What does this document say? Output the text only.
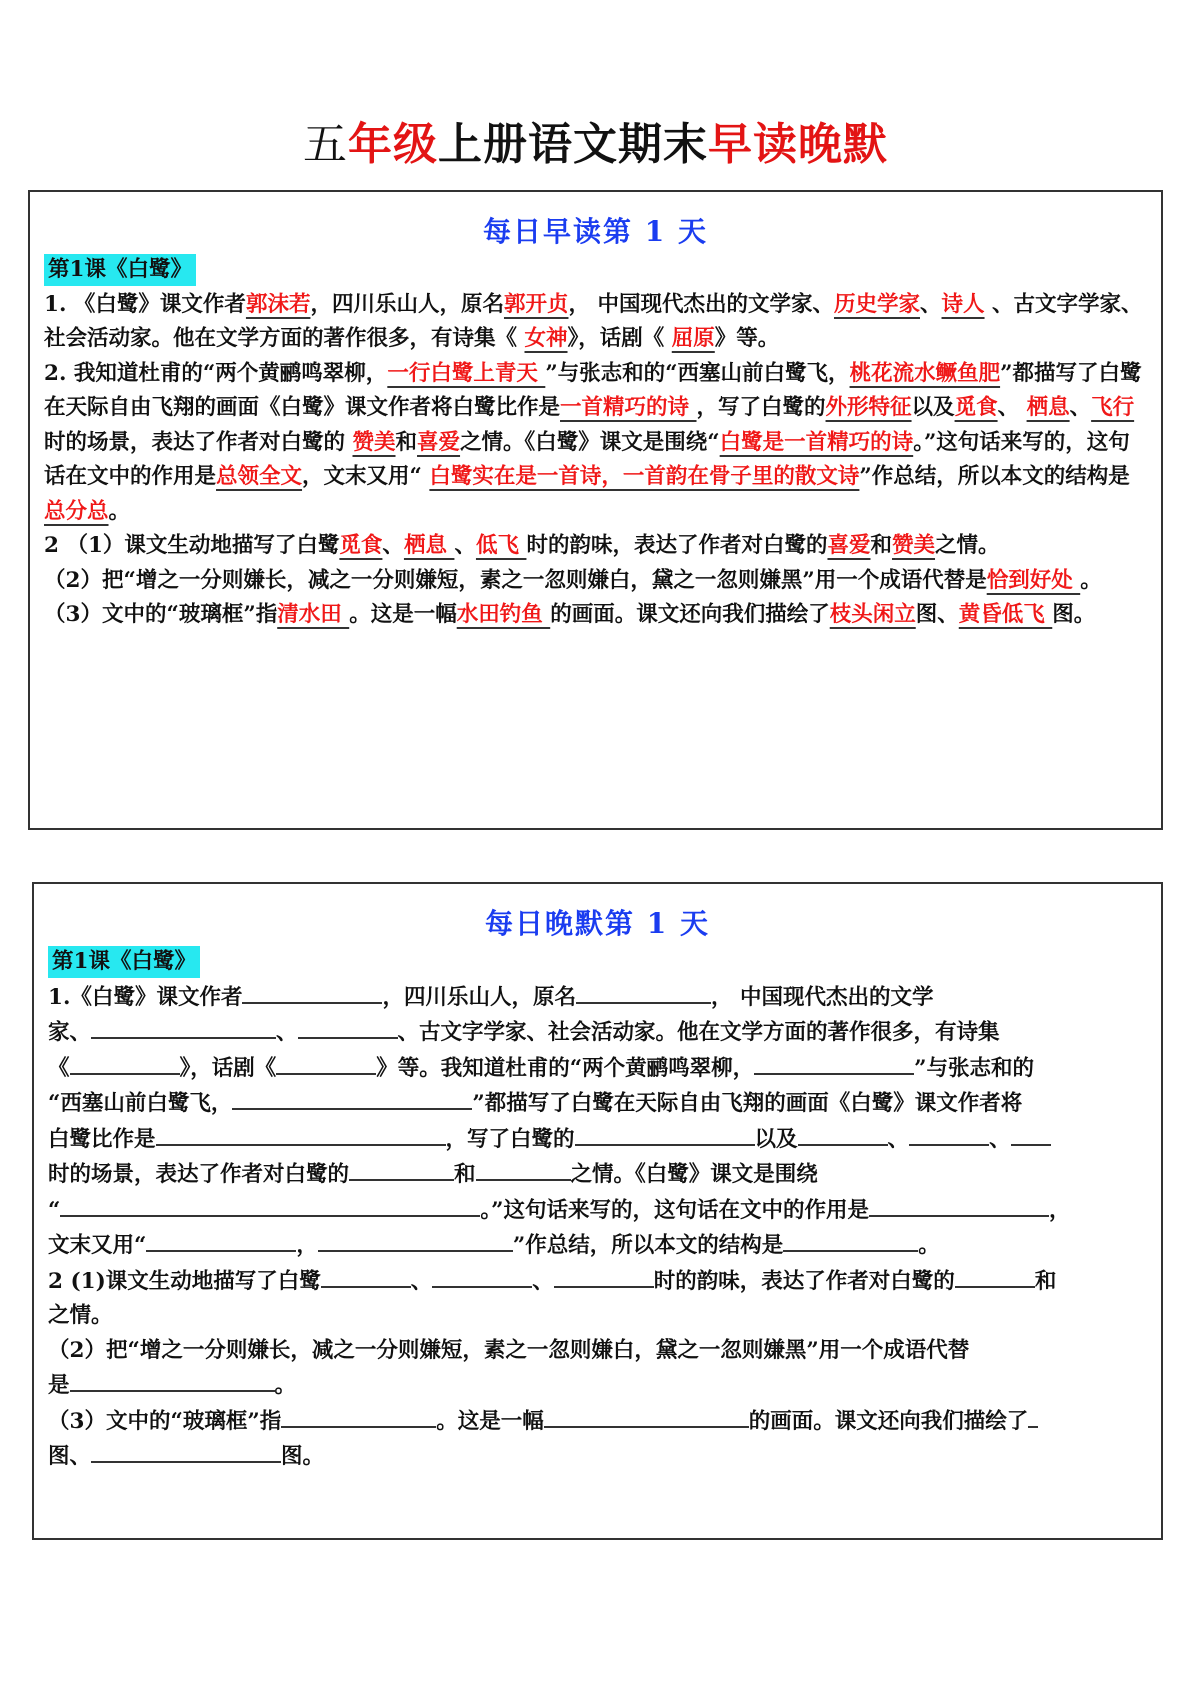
五年级上册语文期末早读晚默
每日早读第 1 天
第1课《白鹭》

1. 《白鹭》课文作者郭沫若，四川乐山人，原名郭开贞， 中国现代杰出的文学家、历史学家、诗人 、古文字学家、社会活动家。他在文学方面的著作很多，有诗集《 女神》，话剧《 屈原》等。

2. 我知道杜甫的“两个黄鹂鸣翠柳，一行白鹭上青天 ”与张志和的“西塞山前白鹭飞，桃花流水鳜鱼肥”都描写了白鹭在天际自由飞翔的画面《白鹭》课文作者将白鹭比作是一首精巧的诗 ，写了白鹭的外形特征以及觅食、 栖息、飞行时的场景，表达了作者对白鹭的 赞美和喜爱之情。《白鹭》课文是围绕“白鹭是一首精巧的诗。”这句话来写的，这句话在文中的作用是总领全文，文末又用“ 白鹭实在是一首诗，一首韵在骨子里的散文诗”作总结，所以本文的结构是总分总。

2 （1）课文生动地描写了白鹭觅食、栖息 、低飞 时的韵味，表达了作者对白鹭的喜爱和赞美之情。

（2）把“增之一分则嫌长，减之一分则嫌短，素之一忽则嫌白，黛之一忽则嫌黑”用一个成语代替是恰到好处 。

（3）文中的“玻璃框”指清水田 。这是一幅水田钓鱼 的画面。课文还向我们描绘了枝头闲立图、黄昏低飞 图。

每日晚默第 1 天
第1课《白鹭》

1.《白鹭》课文作者	，四川乐山人，原名	， 中国现代杰出的文学

家、	、	、古文字学家、社会活动家。他在文学方面的著作很多，有诗集

《	》，话剧《	》等。我知道杜甫的“两个黄鹂鸣翠柳，	”与张志和的

“西塞山前白鹭飞，	”都描写了白鹭在天际自由飞翔的画面《白鹭》课文作者将

白鹭比作是	，写了白鹭的	以及	、	、

时的场景，表达了作者对白鹭的	和	之情。《白鹭》课文是围绕

“	。”这句话来写的，这句话在文中的作用是	，

文末又用“	，	”作总结，所以本文的结构是	。

2 (1)课文生动地描写了白鹭	、	、	时的韵味，表达了作者对白鹭的	和

之情。

（2）把“增之一分则嫌长，减之一分则嫌短，素之一忽则嫌白，黛之一忽则嫌黑”用一个成语代替

是	。

（3）文中的“玻璃框”指	。这是一幅	的画面。课文还向我们描绘了

图、	图。
